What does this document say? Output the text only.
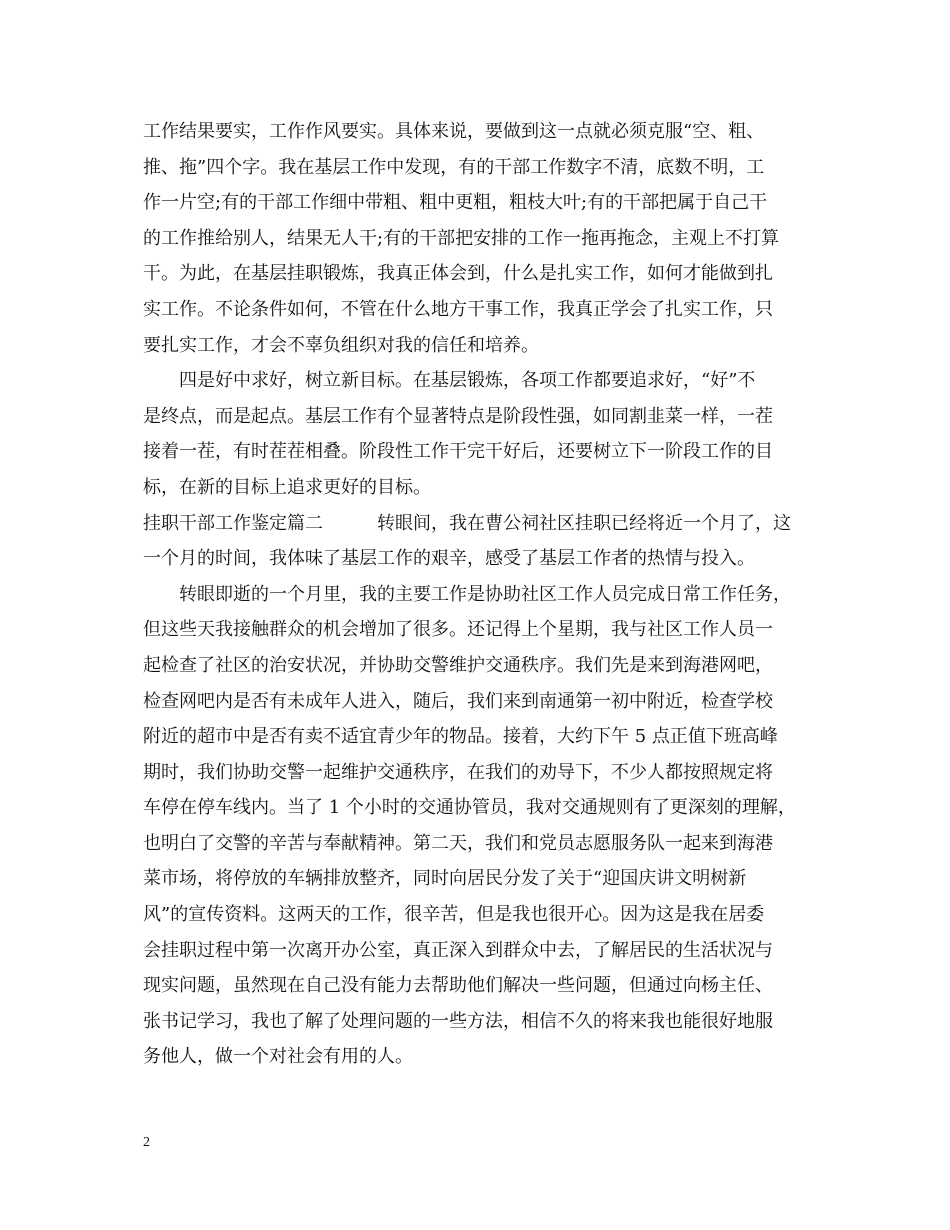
工作结果要实，工作作风要实。具体来说，要做到这一点就必须克服“空、粗、
推、拖”四个字。我在基层工作中发现，有的干部工作数字不清，底数不明，工
作一片空;有的干部工作细中带粗、粗中更粗，粗枝大叶;有的干部把属于自己干
的工作推给别人，结果无人干;有的干部把安排的工作一拖再拖念，主观上不打算
干。为此，在基层挂职锻炼，我真正体会到，什么是扎实工作，如何才能做到扎
实工作。不论条件如何，不管在什么地方干事工作，我真正学会了扎实工作，只
要扎实工作，才会不辜负组织对我的信任和培养。
　　四是好中求好，树立新目标。在基层锻炼，各项工作都要追求好，“好”不
是终点，而是起点。基层工作有个显著特点是阶段性强，如同割韭菜一样，一茬
接着一茬，有时茬茬相叠。阶段性工作干完干好后，还要树立下一阶段工作的目
标，在新的目标上追求更好的目标。
挂职干部工作鉴定篇二　　　转眼间，我在曹公祠社区挂职已经将近一个月了，这
一个月的时间，我体味了基层工作的艰辛，感受了基层工作者的热情与投入。
　　转眼即逝的一个月里，我的主要工作是协助社区工作人员完成日常工作任务，
但这些天我接触群众的机会增加了很多。还记得上个星期，我与社区工作人员一
起检查了社区的治安状况，并协助交警维护交通秩序。我们先是来到海港网吧，
检查网吧内是否有未成年人进入，随后，我们来到南通第一初中附近，检查学校
附近的超市中是否有卖不适宜青少年的物品。接着，大约下午 5 点正值下班高峰
期时，我们协助交警一起维护交通秩序，在我们的劝导下，不少人都按照规定将
车停在停车线内。当了 1 个小时的交通协管员，我对交通规则有了更深刻的理解，
也明白了交警的辛苦与奉献精神。第二天，我们和党员志愿服务队一起来到海港
菜市场，将停放的车辆排放整齐，同时向居民分发了关于“迎国庆讲文明树新
风”的宣传资料。这两天的工作，很辛苦，但是我也很开心。因为这是我在居委
会挂职过程中第一次离开办公室，真正深入到群众中去，了解居民的生活状况与
现实问题，虽然现在自己没有能力去帮助他们解决一些问题，但通过向杨主任、
张书记学习，我也了解了处理问题的一些方法，相信不久的将来我也能很好地服
务他人，做一个对社会有用的人。
2
